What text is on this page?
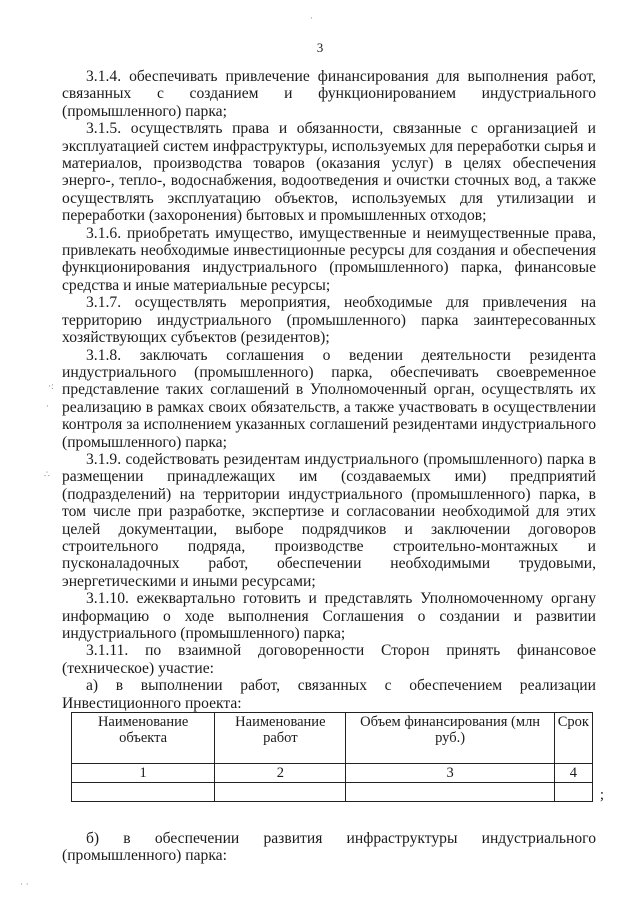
3
·:
·
∴
·
· ·

3.1.4. обеспечивать привлечение финансирования для выполнения работ, связанных с созданием и функционированием индустриального (промышленного) парка;

3.1.5. осуществлять права и обязанности, связанные с организацией и эксплуатацией систем инфраструктуры, используемых для переработки сырья и материалов, производства товаров (оказания услуг) в целях обеспечения энерго-, тепло-, водоснабжения, водоотведения и очистки сточных вод, а также осуществлять эксплуатацию объектов, используемых для утилизации и переработки (захоронения) бытовых и промышленных отходов;

3.1.6. приобретать имущество, имущественные и неимущественные права, привлекать необходимые инвестиционные ресурсы для создания и обеспечения функционирования индустриального (промышленного) парка, финансовые средства и иные материальные ресурсы;

3.1.7. осуществлять мероприятия, необходимые для привлечения на территорию индустриального (промышленного) парка заинтересованных хозяйствующих субъектов (резидентов);

3.1.8. заключать соглашения о ведении деятельности резидента индустриального (промышленного) парка, обеспечивать своевременное представление таких соглашений в Уполномоченный орган, осуществлять их реализацию в рамках своих обязательств, а также участвовать в осуществлении контроля за исполнением указанных соглашений резидентами индустриального (промышленного) парка;

3.1.9. содействовать резидентам индустриального (промышленного) парка в размещении принадлежащих им (создаваемых ими) предприятий (подразделений) на территории индустриального (промышленного) парка, в том числе при разработке, экспертизе и согласовании необходимой для этих целей документации, выборе подрядчиков и заключении договоров строительного подряда, производстве строительно-монтажных и пусконаладочных работ, обеспечении необходимыми трудовыми, энергетическими и иными ресурсами;

3.1.10. ежеквартально готовить и представлять Уполномоченному органу информацию о ходе выполнения Соглашения о создании и развитии индустриального (промышленного) парка;

3.1.11. по взаимной договоренности Сторон принять финансовое (техническое) участие:

а) в выполнении работ, связанных с обеспечением реализации Инвестиционного проекта:

Наименование объекта	Наименование работ	Объем финансирования (млн руб.)	Срок
1	2	3	4

;

б) в обеспечении развития инфраструктуры индустриального (промышленного) парка:
